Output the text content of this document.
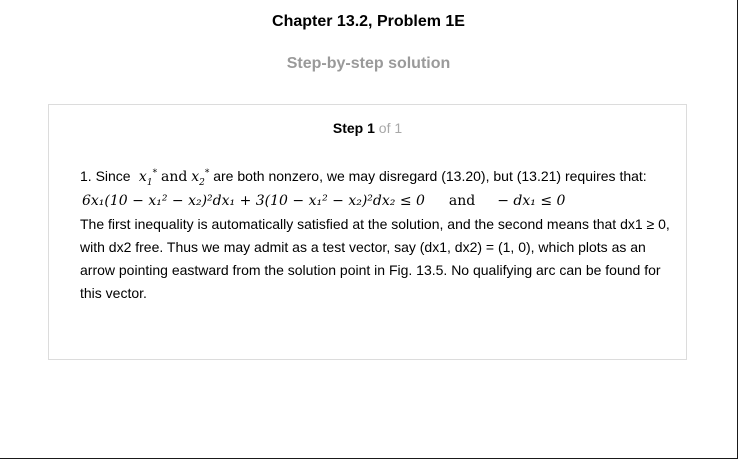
Chapter 13.2, Problem 1E
Step-by-step solution
Step 1 of 1

1. Since  $x_1^*$ and $x_2^*$ are both nonzero, we may disregard (13.20), but (13.21) requires that:

6x₁(10 − x₁² − x₂)²dx₁ + 3(10 − x₁² − x₂)²dx₂ ≤ 0 and − dx₁ ≤ 0

The first inequality is automatically satisfied at the solution, and the second means that dx1 ≥ 0, with dx2 free. Thus we may admit as a test vector, say (dx1, dx2) = (1, 0), which plots as an arrow pointing eastward from the solution point in Fig. 13.5. No qualifying arc can be found for this vector.
